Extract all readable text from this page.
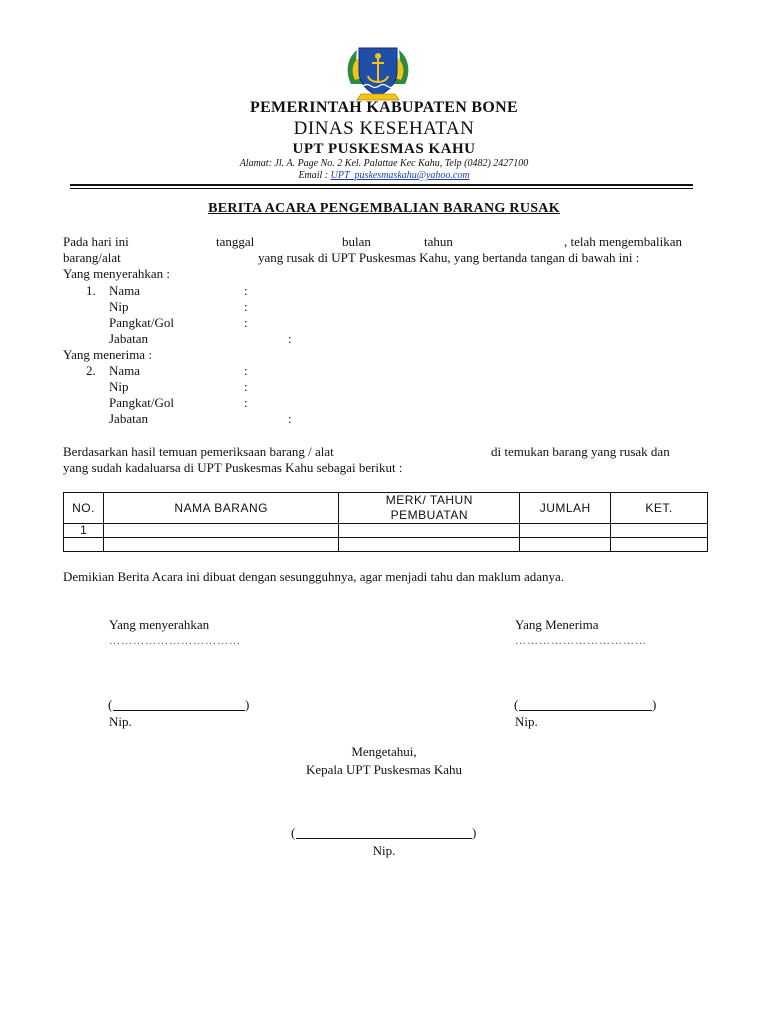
PEMERINTAH KABUPATEN BONE
DINAS KESEHATAN
UPT PUSKESMAS KAHU
Alamat: Jl. A. Page No. 2 Kel. Palattae Kec Kahu, Telp (0482) 2427100
Email : UPT_puskesmaskahu@yahoo.com
BERITA ACARA PENGEMBALIAN BARANG RUSAK
Pada hari ini	tanggal	bulan	tahun	, telah mengembalikan
barang/alat	yang rusak di UPT Puskesmas Kahu, yang bertanda tangan di bawah ini :
Yang menyerahkan :
1. Nama	:
Nip	:
Pangkat/Gol	:
Jabatan	:
Yang menerima :
2. Nama	:
Nip	:
Pangkat/Gol	:
Jabatan	:
Berdasarkan hasil temuan pemeriksaan barang / alat	di temukan barang yang rusak dan
yang sudah kadaluarsa di UPT Puskesmas Kahu sebagai berikut :
NO.	NAMA BARANG	MERK/ TAHUN PEMBUATAN	JUMLAH	KET.
1				

Demikian Berita Acara ini dibuat dengan sesungguhnya, agar menjadi tahu dan maklum adanya.
Yang menyerahkan
……………………………
Yang Menerima
……………………………
(	)
Nip.
(	)
Nip.
Mengetahui,
Kepala UPT Puskesmas Kahu
(	)
Nip.
